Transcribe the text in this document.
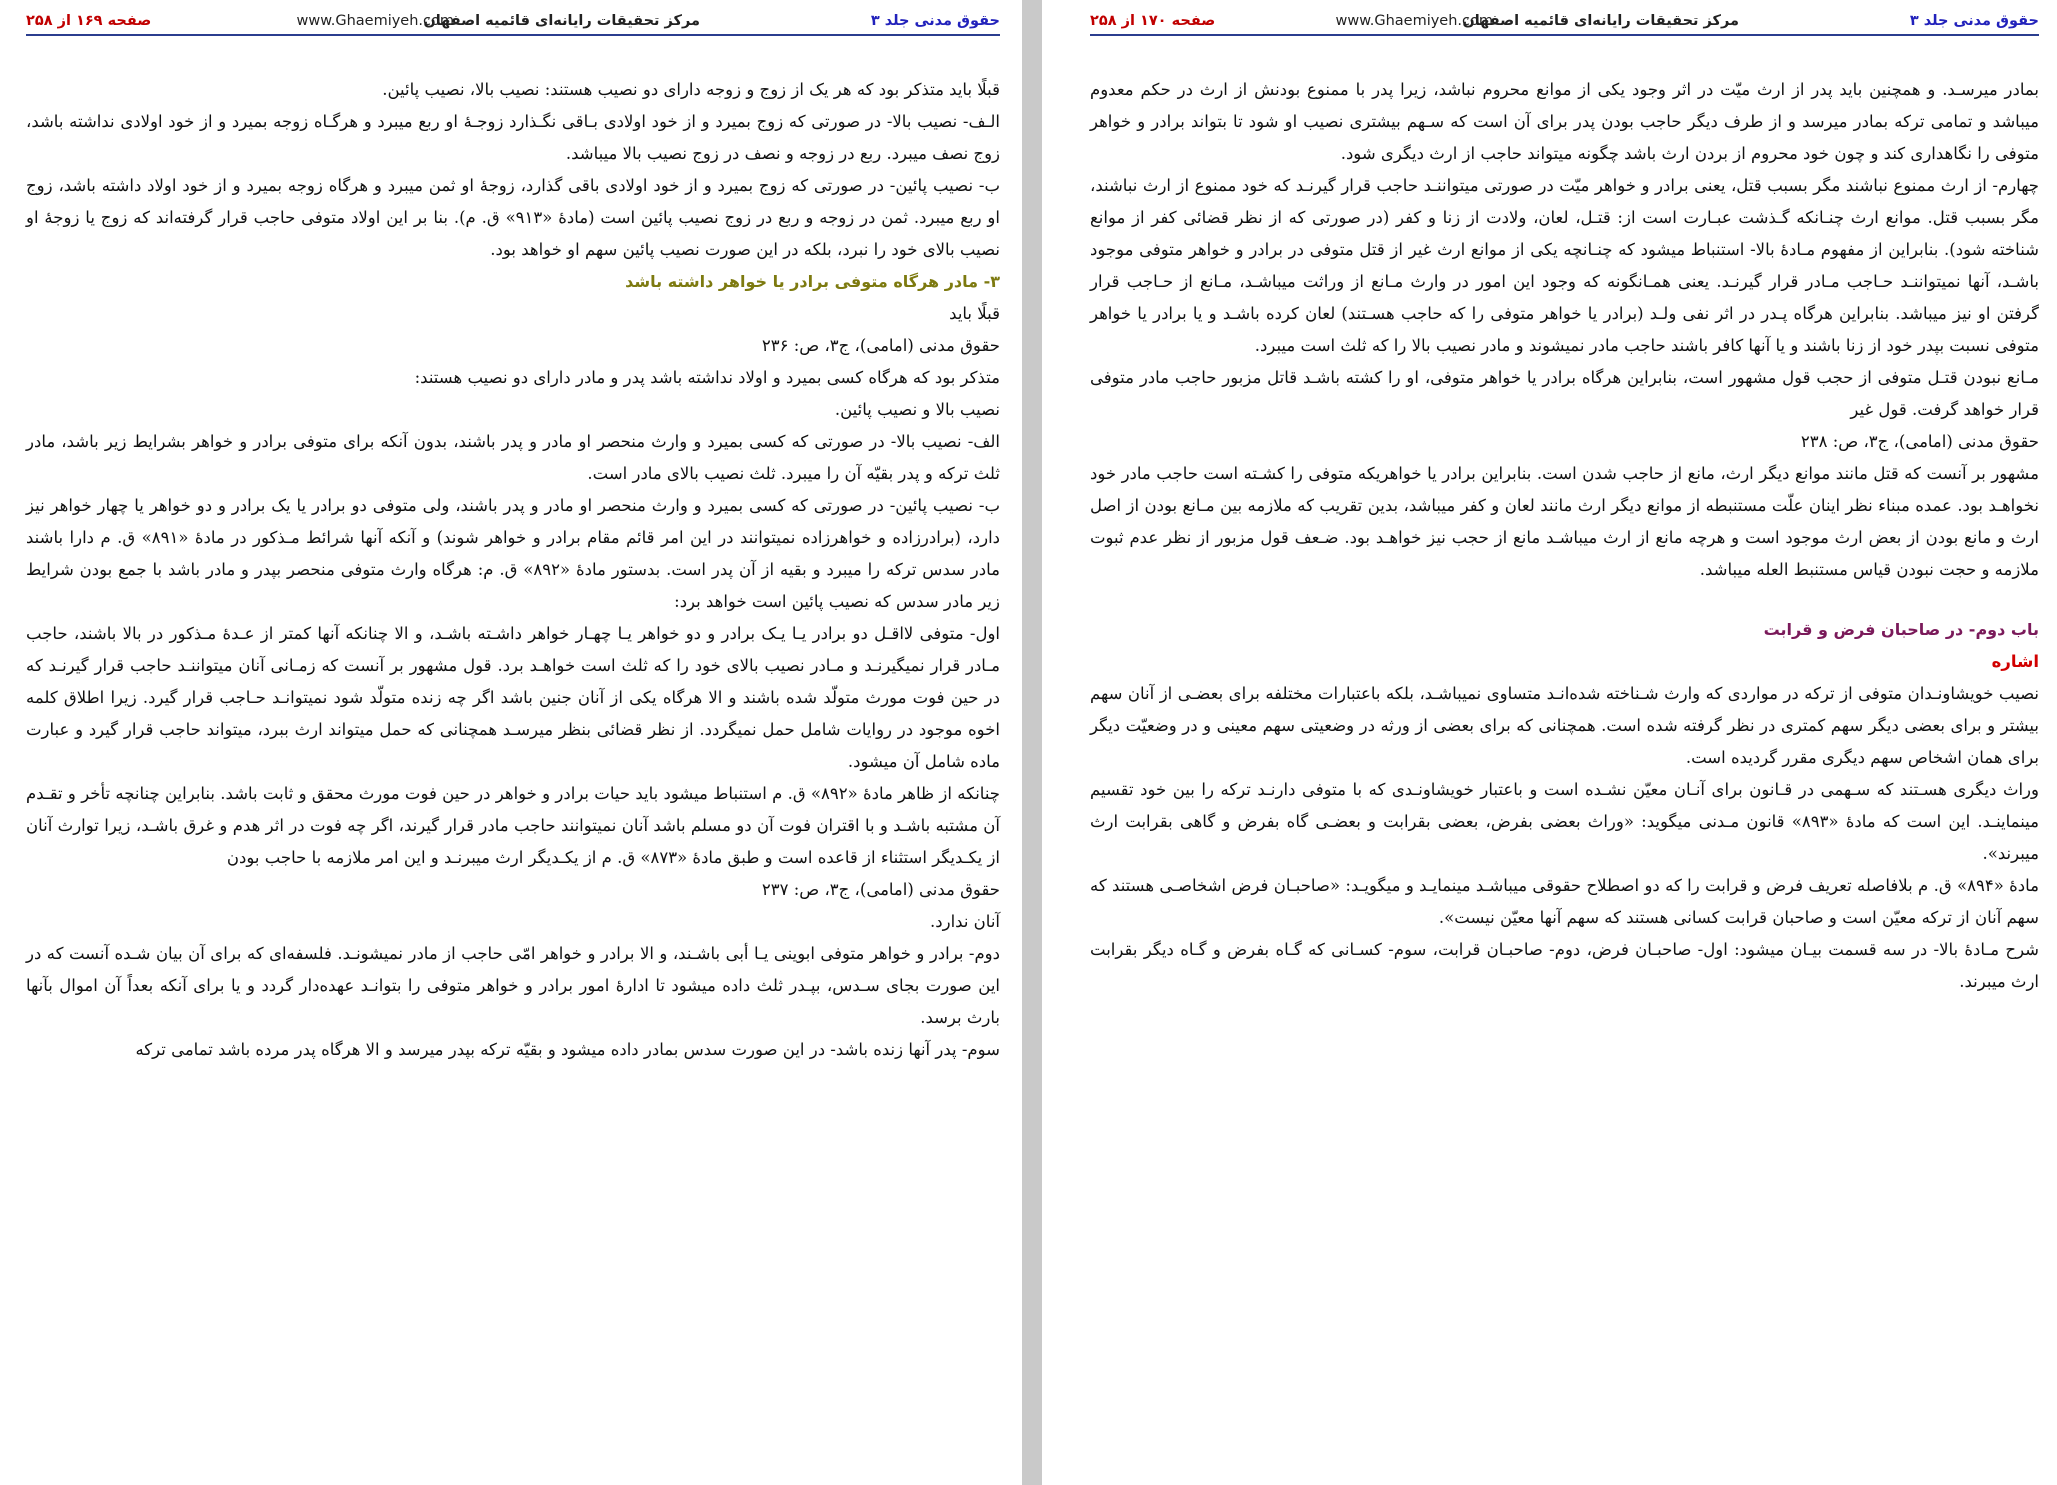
حقوق مدنی جلد ۳
مرکز تحقیقات رایانه‌ای قائمیه اصفهان
www.Ghaemiyeh.com
صفحه ۱۶۹ از ۲۵۸

قبلًا باید متذکر بود که هر یک از زوج و زوجه دارای دو نصیب هستند: نصیب بالا، نصیب پائین.

الـف- نصیب بالا- در صورتی که زوج بمیرد و از خود اولادی بـاقی نگـذارد زوجـهٔ او ربع میبرد و هرگـاه زوجه بمیرد و از خود اولادی نداشته باشد، زوج نصف میبرد. ربع در زوجه و نصف در زوج نصیب بالا میباشد.

ب- نصیب پائین- در صورتی که زوج بمیرد و از خود اولادی باقی گذارد، زوجهٔ او ثمن میبرد و هرگاه زوجه بمیرد و از خود اولاد داشته باشد، زوج او ربع میبرد. ثمن در زوجه و ربع در زوج نصیب پائین است (مادهٔ «۹۱۳» ق. م). بنا بر این اولاد متوفی حاجب قرار گرفته‌اند که زوج یا زوجهٔ او نصیب بالای خود را نبرد، بلکه در این صورت نصیب پائین سهم او خواهد بود.

۳- مادر هرگاه متوفی برادر یا خواهر داشته باشد

قبلًا باید

حقوق مدنی (امامی)، ج۳، ص: ۲۳۶

متذکر بود که هرگاه کسی بمیرد و اولاد نداشته باشد پدر و مادر دارای دو نصیب هستند:

نصیب بالا و نصیب پائین.

الف- نصیب بالا- در صورتی که کسی بمیرد و وارث منحصر او مادر و پدر باشند، بدون آنکه برای متوفی برادر و خواهر بشرایط زیر باشد، مادر ثلث ترکه و پدر بقیّه آن را میبرد. ثلث نصیب بالای مادر است.

ب- نصیب پائین- در صورتی که کسی بمیرد و وارث منحصر او مادر و پدر باشند، ولی متوفی دو برادر یا یک برادر و دو خواهر یا چهار خواهر نیز دارد، (برادرزاده و خواهرزاده نمیتوانند در این امر قائم مقام برادر و خواهر شوند) و آنکه آنها شرائط مـذکور در مادهٔ «۸۹۱» ق. م دارا باشند مادر سدس ترکه را میبرد و بقیه از آن پدر است. بدستور مادهٔ «۸۹۲» ق. م: هرگاه وارث متوفی منحصر بپدر و مادر باشد با جمع بودن شرایط زیر مادر سدس که نصیب پائین است خواهد برد:

اول- متوفی لااقـل دو برادر یـا یـک برادر و دو خواهر یـا چهـار خواهر داشـته باشـد، و الا چنانکه آنها کمتر از عـدهٔ مـذکور در بالا باشند، حاجب مـادر قرار نمیگیرنـد و مـادر نصیب بالای خود را که ثلث است خواهـد برد. قول مشهور بر آنست که زمـانی آنان میتواننـد حاجب قرار گیرنـد که در حین فوت مورث متولّد شده باشند و الا هرگاه یکی از آنان جنین باشد اگر چه زنده متولّد شود نمیتوانـد حـاجب قرار گیرد. زیرا اطلاق کلمه اخوه موجود در روایات شامل حمل نمیگردد. از نظر قضائی بنظر میرسـد همچنانی که حمل میتواند ارث ببرد، میتواند حاجب قرار گیرد و عبارت ماده شامل آن میشود.

چنانکه از ظاهر مادهٔ «۸۹۲» ق. م استنباط میشود باید حیات برادر و خواهر در حین فوت مورث محقق و ثابت باشد. بنابراین چنانچه تأخر و تقـدم آن مشتبه باشـد و با اقتران فوت آن دو مسلم باشد آنان نمیتوانند حاجب مادر قرار گیرند، اگر چه فوت در اثر هدم و غرق باشـد، زیرا توارث آنان از یکـدیگر استثناء از قاعده است و طبق مادهٔ «۸۷۳» ق. م از یکـدیگر ارث میبرنـد و این امر ملازمه با حاجب بودن

حقوق مدنی (امامی)، ج۳، ص: ۲۳۷

آنان ندارد.

دوم- برادر و خواهر متوفی ابوینی یـا أبی باشـند، و الا برادر و خواهر امّی حاجب از مادر نمیشونـد. فلسفه‌ای که برای آن بیان شـده آنست که در این صورت بجای سـدس، بپـدر ثلث داده میشود تا ادارهٔ امور برادر و خواهر متوفی را بتوانـد عهده‌دار گردد و یا برای آنکه بعداً آن اموال بآنها بارث برسد.

سوم- پدر آنها زنده باشد- در این صورت سدس بمادر داده میشود و بقیّه ترکه بپدر میرسد و الا هرگاه پدر مرده باشد تمامی ترکه

حقوق مدنی جلد ۳
مرکز تحقیقات رایانه‌ای قائمیه اصفهان
www.Ghaemiyeh.com
صفحه ۱۷۰ از ۲۵۸

بمادر میرسـد. و همچنین باید پدر از ارث میّت در اثر وجود یکی از موانع محروم نباشد، زیرا پدر با ممنوع بودنش از ارث در حکم معدوم میباشد و تمامی ترکه بمادر میرسد و از طرف دیگر حاجب بودن پدر برای آن است که سـهم بیشتری نصیب او شود تا بتواند برادر و خواهر متوفی را نگاهداری کند و چون خود محروم از بردن ارث باشد چگونه میتواند حاجب از ارث دیگری شود.

چهارم- از ارث ممنوع نباشند مگر بسبب قتل، یعنی برادر و خواهر میّت در صورتی میتواننـد حاجب قرار گیرنـد که خود ممنوع از ارث نباشند، مگر بسبب قتل. موانع ارث چنـانکه گـذشت عبـارت است از: قتـل، لعان، ولادت از زنا و کفر (در صورتی که از نظر قضائی کفر از موانع شناخته شود). بنابراین از مفهوم مـادهٔ بالا- استنباط میشود که چنـانچه یکی از موانع ارث غیر از قتل متوفی در برادر و خواهر متوفی موجود باشـد، آنها نمیتواننـد حـاجب مـادر قرار گیرنـد. یعنی همـانگونه که وجود این امور در وارث مـانع از وراثت میباشـد، مـانع از حـاجب قرار گرفتن او نیز میباشد. بنابراین هرگاه پـدر در اثر نفی ولـد (برادر یا خواهر متوفی را که حاجب هسـتند) لعان کرده باشـد و یا برادر یا خواهر متوفی نسبت بپدر خود از زنا باشند و یا آنها کافر باشند حاجب مادر نمیشوند و مادر نصیب بالا را که ثلث است میبرد.

مـانع نبودن قتـل متوفی از حجب قول مشهور است، بنابراین هرگاه برادر یا خواهر متوفی، او را کشته باشـد قاتل مزبور حاجب مادر متوفی قرار خواهد گرفت. قول غیر

حقوق مدنی (امامی)، ج۳، ص: ۲۳۸

مشهور بر آنست که قتل مانند موانع دیگر ارث، مانع از حاجب شدن است. بنابراین برادر یا خواهریکه متوفی را کشـته است حاجب مادر خود نخواهـد بود. عمده مبناء نظر اینان علّت مستنبطه از موانع دیگر ارث مانند لعان و کفر میباشد، بدین تقریب که ملازمه بین مـانع بودن از اصل ارث و مانع بودن از بعض ارث موجود است و هرچه مانع از ارث میباشـد مانع از حجب نیز خواهـد بود. ضـعف قول مزبور از نظر عدم ثبوت ملازمه و حجت نبودن قیاس مستنبط العله میباشد.

باب دوم- در صاحبان فرض و قرابت

اشاره

نصیب خویشاونـدان متوفی از ترکه در مواردی که وارث شـناخته شده‌انـد متساوی نمیباشـد، بلکه باعتبارات مختلفه برای بعضـی از آنان سهم بیشتر و برای بعضی دیگر سهم کمتری در نظر گرفته شده است. همچنانی که برای بعضی از ورثه در وضعیتی سهم معینی و در وضعیّت دیگر برای همان اشخاص سهم دیگری مقرر گردیده است.

وراث دیگری هسـتند که سـهمی در قـانون برای آنـان معیّن نشـده است و باعتبار خویشاونـدی که با متوفی دارنـد ترکه را بین خود تقسیم مینماینـد. این است که مادهٔ «۸۹۳» قانون مـدنی میگوید: «وراث بعضی بفرض، بعضی بقرابت و بعضـی گاه بفرض و گاهی بقرابت ارث میبرند».

مادهٔ «۸۹۴» ق. م بلافاصله تعریف فرض و قرابت را که دو اصطلاح حقوقی میباشـد مینمایـد و میگویـد: «صاحبـان فرض اشخاصـی هستند که سهم آنان از ترکه معیّن است و صاحبان قرابت کسانی هستند که سهم آنها معیّن نیست».

شرح مـادهٔ بالا- در سه قسمت بیـان میشود: اول- صاحبـان فرض، دوم- صاحبـان قرابت، سوم- کسـانی که گـاه بفرض و گـاه دیگر بقرابت ارث میبرند.
